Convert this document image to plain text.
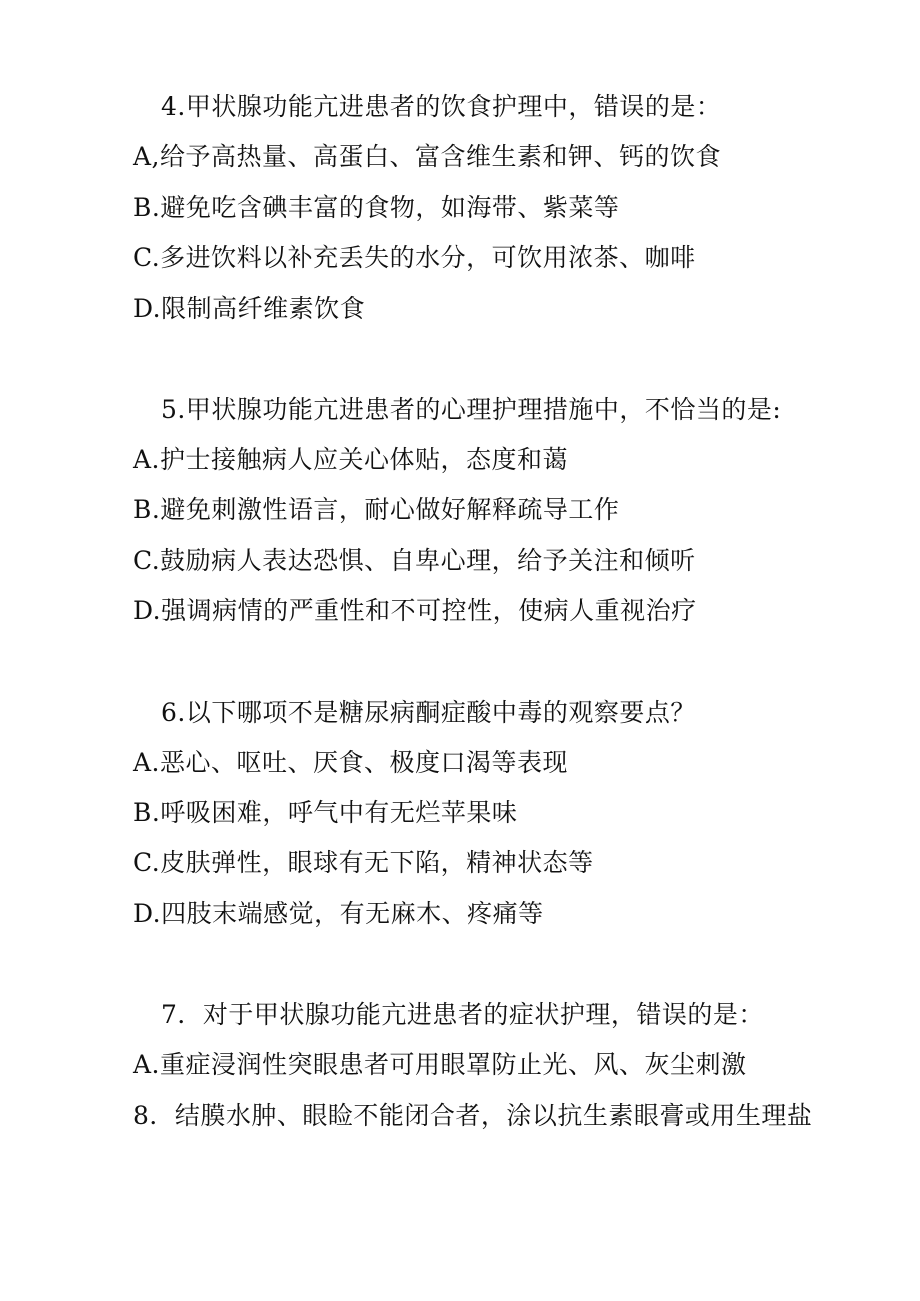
4.甲状腺功能亢进患者的饮食护理中，错误的是：
A,给予高热量、高蛋白、富含维生素和钾、钙的饮食
B.避免吃含碘丰富的食物，如海带、紫菜等
C.多进饮料以补充丢失的水分，可饮用浓茶、咖啡
D.限制高纤维素饮食
5.甲状腺功能亢进患者的心理护理措施中，不恰当的是:
A.护士接触病人应关心体贴，态度和蔼
B.避免刺激性语言，耐心做好解释疏导工作
C.鼓励病人表达恐惧、自卑心理，给予关注和倾听
D.强调病情的严重性和不可控性，使病人重视治疗
6.以下哪项不是糖尿病酮症酸中毒的观察要点？
A.恶心、呕吐、厌食、极度口渴等表现
B.呼吸困难，呼气中有无烂苹果味
C.皮肤弹性，眼球有无下陷，精神状态等
D.四肢末端感觉，有无麻木、疼痛等
7．对于甲状腺功能亢进患者的症状护理，错误的是：
A.重症浸润性突眼患者可用眼罩防止光、风、灰尘刺激
8．结膜水肿、眼睑不能闭合者，涂以抗生素眼膏或用生理盐
